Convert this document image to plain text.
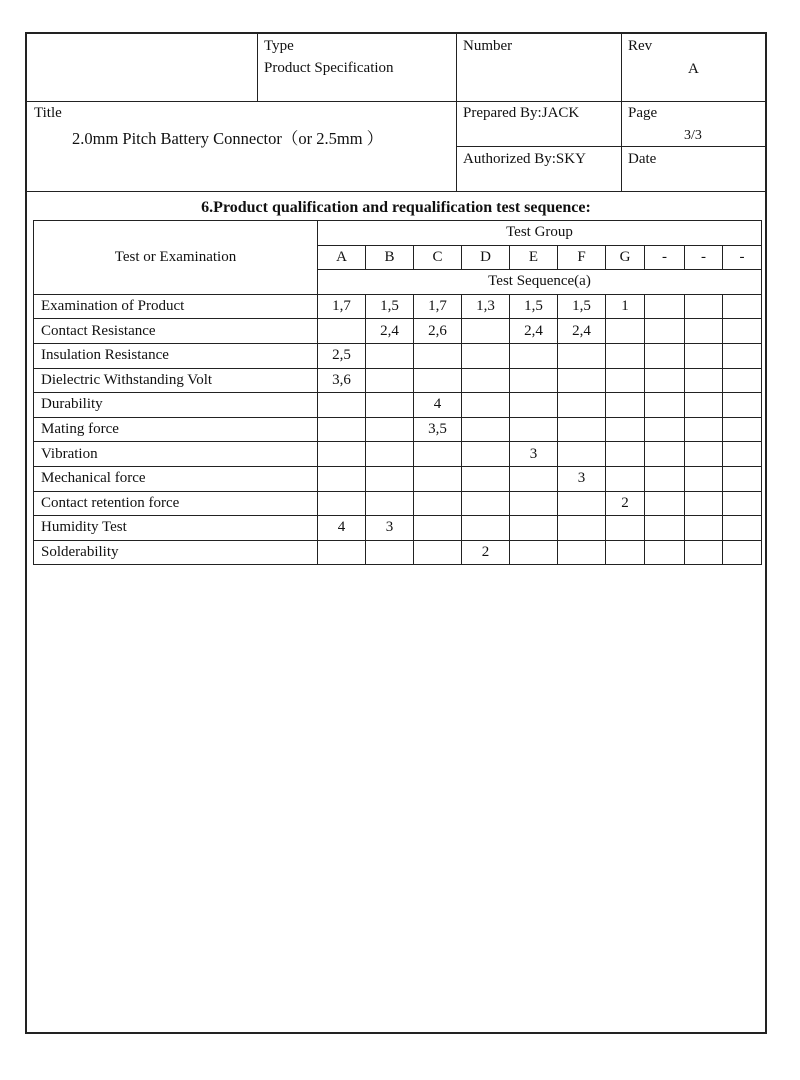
Type
Product Specification
Number	Rev
A
Title
2.0mm Pitch Battery Connector（or 2.5mm ）
Prepared By:JACK	Page
3/3
Authorized By:SKY	Date
6.Product qualification and requalification test sequence:
Test or Examination	Test Group									
	A	B	C	D	E	F	G	-	-	-
	Test Sequence(a)									
Examination of Product	1,7	1,5	1,7	1,3	1,5	1,5	1			
Contact Resistance		2,4	2,6		2,4	2,4				
Insulation Resistance	2,5									
Dielectric Withstanding Volt	3,6									
Durability			4							
Mating force			3,5							
Vibration					3					
Mechanical force						3				
Contact retention force							2			
Humidity Test	4	3								
Solderability				2						
